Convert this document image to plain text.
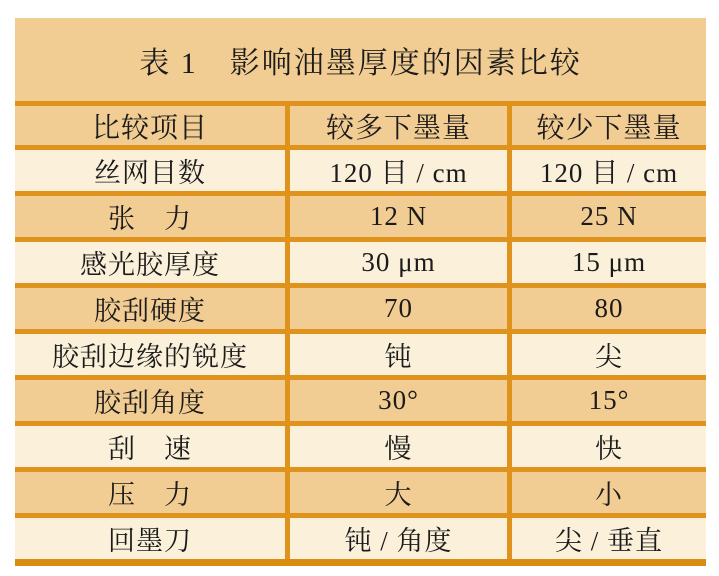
表 1　影响油墨厚度的因素比较
比较项目	较多下墨量	较少下墨量
丝网目数	120 目 / cm	120 目 / cm
张　力	12 N	25 N
感光胶厚度	30 μm	15 μm
胶刮硬度	70	80
胶刮边缘的锐度	钝	尖
胶刮角度	30°	15°
刮　速	慢	快
压　力	大	小
回墨刀	钝 / 角度	尖 / 垂直
